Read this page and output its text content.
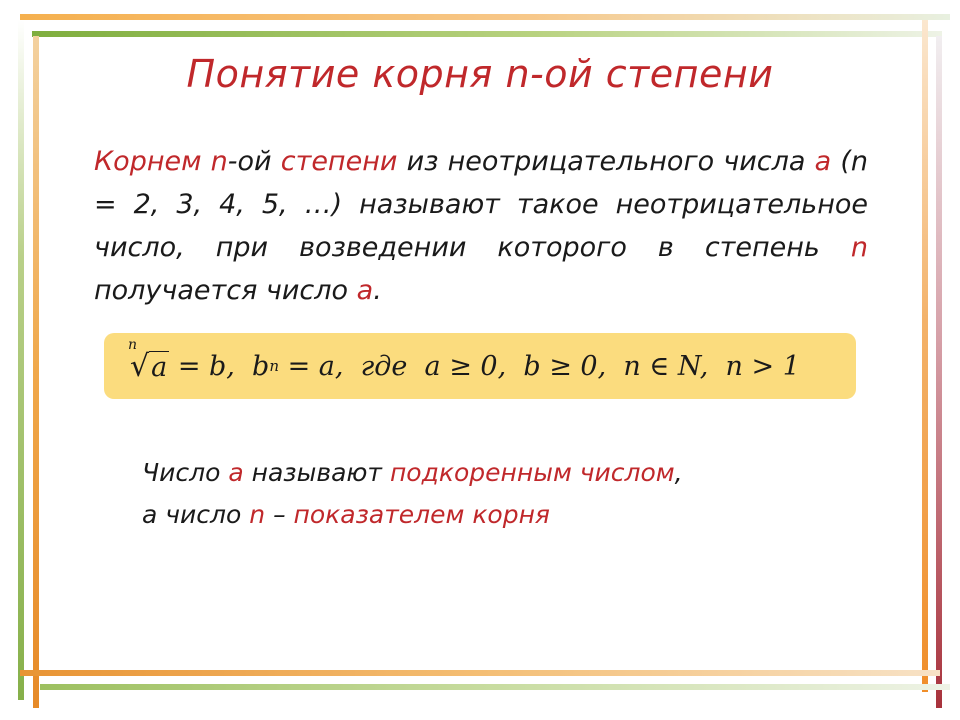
Понятие корня n-ой степени
Корнем n-ой степени из неотрицательного числа a (n = 2, 3, 4, 5, …) называют такое неотрицательное число, при возведении которого в степень n получается число a.
n
√a = b,  b n = a,  где  a ≥ 0,  b ≥ 0,  n ∈ N,  n > 1
Число a называют подкоренным числом,
а число n – показателем корня
